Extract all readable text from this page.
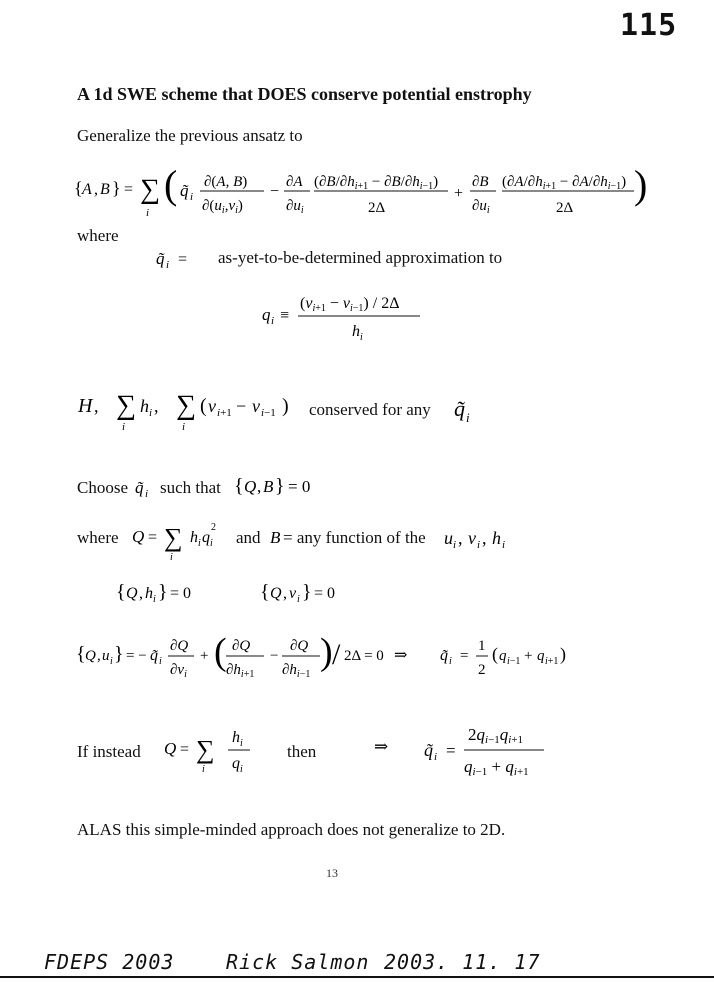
115
A 1d SWE scheme that DOES conserve potential enstrophy
Generalize the previous ansatz to
{ A , B } = ∑
i
( q̃ i
∂(A, B)
$\partial(u_i,v_i)$
−
∂A
$\partial u_i$
$(\partial B/\partial h_i+1 - \partial B/\partial h_i-1)$
2Δ
+
∂B
$\partial u_i$
$(\partial A/\partial h_i+1 - \partial A/\partial h_i-1)$
2Δ
)
where
q̃ i = as-yet-to-be-determined approximation to
q i ≡
(vi+1 − vi−1) / 2Δ
h i
H , ∑
i
h i , ∑
i
( v i+1 − v i−1 ) conserved for any q̃ i
Choose q̃ i such that { Q , B } = 0
where Q = ∑
i
h i q i
2
and B = any function of the u i , v i , h i
{ Q , h i } = 0	{ Q , v i } = 0
{ Q , u i } = − q̃ i
∂Q
$\partial v_i$
+ ( ∂Q
$\partial h_i+1$
−
∂Q
$\partial h_i-1$
) / 2Δ = 0 ⇒ q̃ i =
1
2
( q i−1 + q i+1 )
If instead Q = ∑
i
h i
q i
then	⇒ q̃ i =
2qi−1qi+1
qi−1 + qi+1
ALAS this simple-minded approach does not generalize to 2D.
13
FDEPS 2003	Rick Salmon 2003. 11. 17
